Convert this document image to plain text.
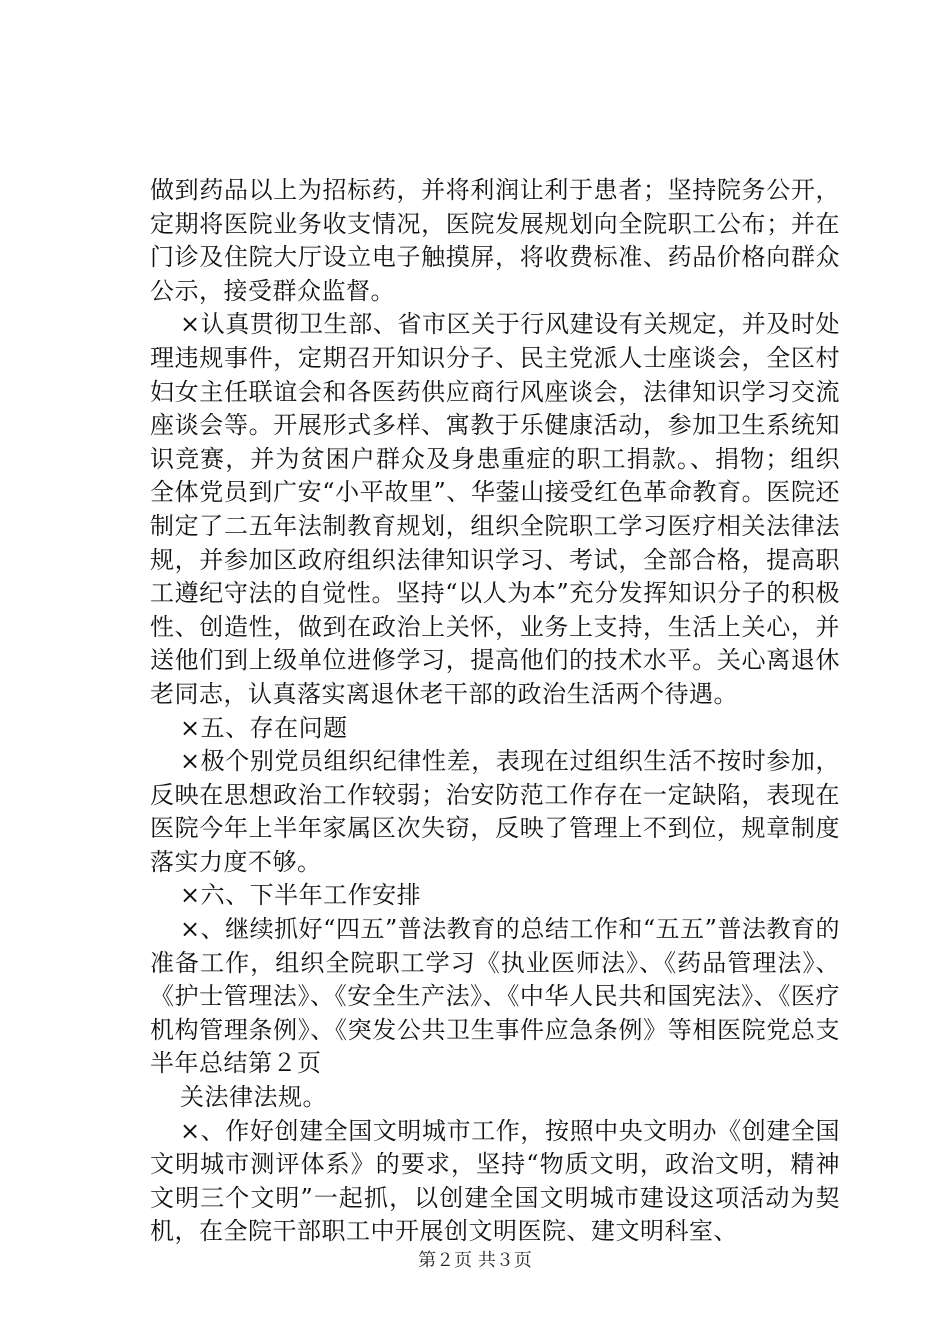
做到药品以上为招标药，并将利润让利于患者；坚持院务公开，定期将医院业务收支情况，医院发展规划向全院职工公布；并在门诊及住院大厅设立电子触摸屏，将收费标准、药品价格向群众公示，接受群众监督。

×认真贯彻卫生部、省市区关于行风建设有关规定，并及时处理违规事件，定期召开知识分子、民主党派人士座谈会，全区村妇女主任联谊会和各医药供应商行风座谈会，法律知识学习交流座谈会等。开展形式多样、寓教于乐健康活动，参加卫生系统知识竞赛，并为贫困户群众及身患重症的职工捐款。、捐物；组织全体党员到广安“小平故里”、华蓥山接受红色革命教育。医院还制定了二五年法制教育规划，组织全院职工学习医疗相关法律法规，并参加区政府组织法律知识学习、考试，全部合格，提高职工遵纪守法的自觉性。坚持“以人为本”充分发挥知识分子的积极性、创造性，做到在政治上关怀，业务上支持，生活上关心，并送他们到上级单位进修学习，提高他们的技术水平。关心离退休老同志，认真落实离退休老干部的政治生活两个待遇。

×五、存在问题

×极个别党员组织纪律性差，表现在过组织生活不按时参加，反映在思想政治工作较弱；治安防范工作存在一定缺陷，表现在医院今年上半年家属区次失窃，反映了管理上不到位，规章制度落实力度不够。

×六、下半年工作安排

×、继续抓好“四五”普法教育的总结工作和“五五”普法教育的准备工作，组织全院职工学习《执业医师法》、《药品管理法》、《护士管理法》、《安全生产法》、《中华人民共和国宪法》、《医疗机构管理条例》、《突发公共卫生事件应急条例》等相医院党总支半年总结第２页

关法律法规。

×、作好创建全国文明城市工作，按照中央文明办《创建全国文明城市测评体系》的要求，坚持“物质文明，政治文明，精神文明三个文明”一起抓，以创建全国文明城市建设这项活动为契机，在全院干部职工中开展创文明医院、建文明科室、

第２页 共３页
